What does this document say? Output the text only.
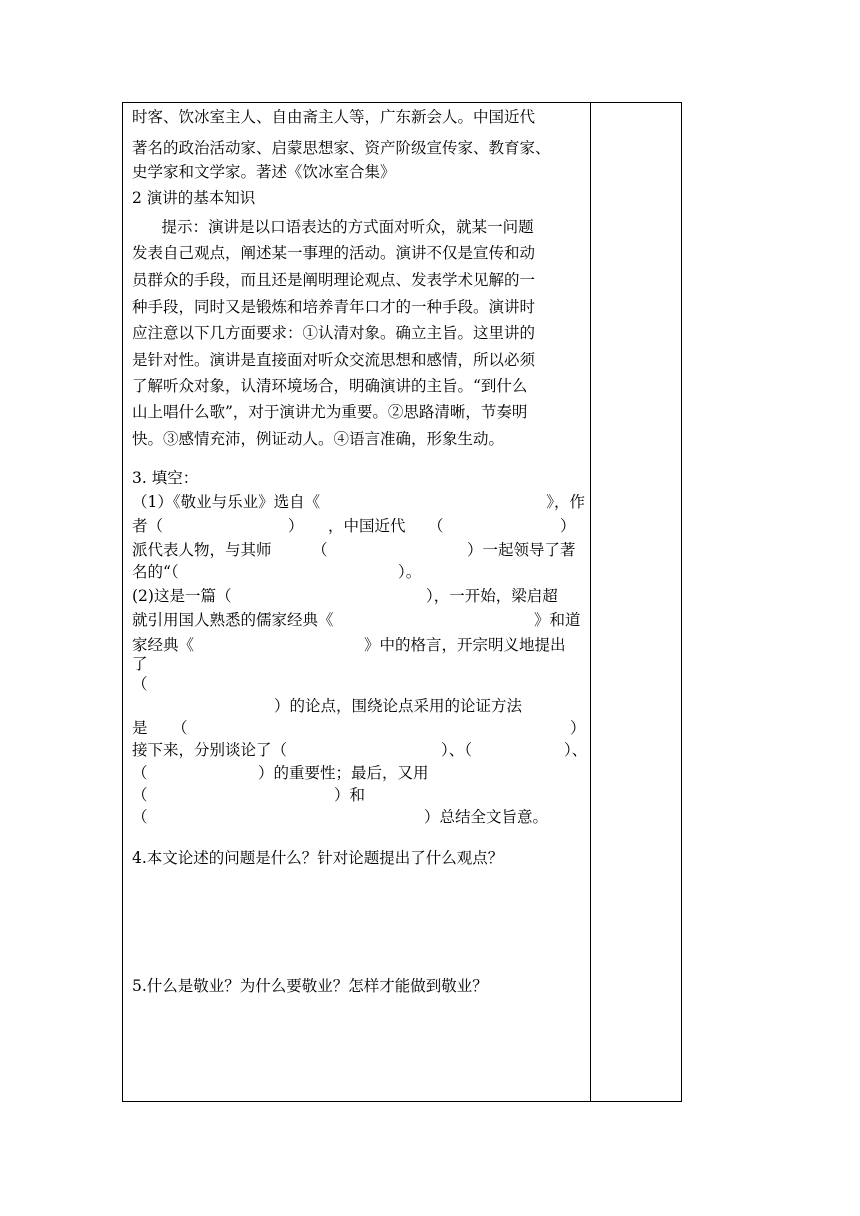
时客、饮冰室主人、自由斋主人等，广东新会人。中国近代
著名的政治活动家、启蒙思想家、资产阶级宣传家、教育家、
史学家和文学家。著述《饮冰室合集》
2 演讲的基本知识
提示：演讲是以口语表达的方式面对听众，就某一问题
发表自己观点，阐述某一事理的活动。演讲不仅是宣传和动
员群众的手段，而且还是阐明理论观点、发表学术见解的一
种手段，同时又是锻炼和培养青年口才的一种手段。演讲时
应注意以下几方面要求：①认清对象。确立主旨。这里讲的
是针对性。演讲是直接面对听众交流思想和感情，所以必须
了解听众对象，认清环境场合，明确演讲的主旨。“到什么
山上唱什么歌”，对于演讲尤为重要。②思路清晰，节奏明
快。③感情充沛，例证动人。④语言准确，形象生动。
3. 填空：
（1）《敬业与乐业》选自《	》，作
者（	） ，中国近代 （	）
派代表人物，与其师	（	）一起领导了著
名的“（	）。
(2)这是一篇（	），一开始，梁启超
就引用国人熟悉的儒家经典《	》和道
家经典《	》中的格言，开宗明义地提出
了
（
）的论点，围绕论点采用的论证方法
是 （	）
接下来，分别谈论了（	）、（	）、
（	）的重要性；最后，又用
（	）和
（	）总结全文旨意。
4.本文论述的问题是什么？针对论题提出了什么观点？
5.什么是敬业？为什么要敬业？怎样才能做到敬业？
